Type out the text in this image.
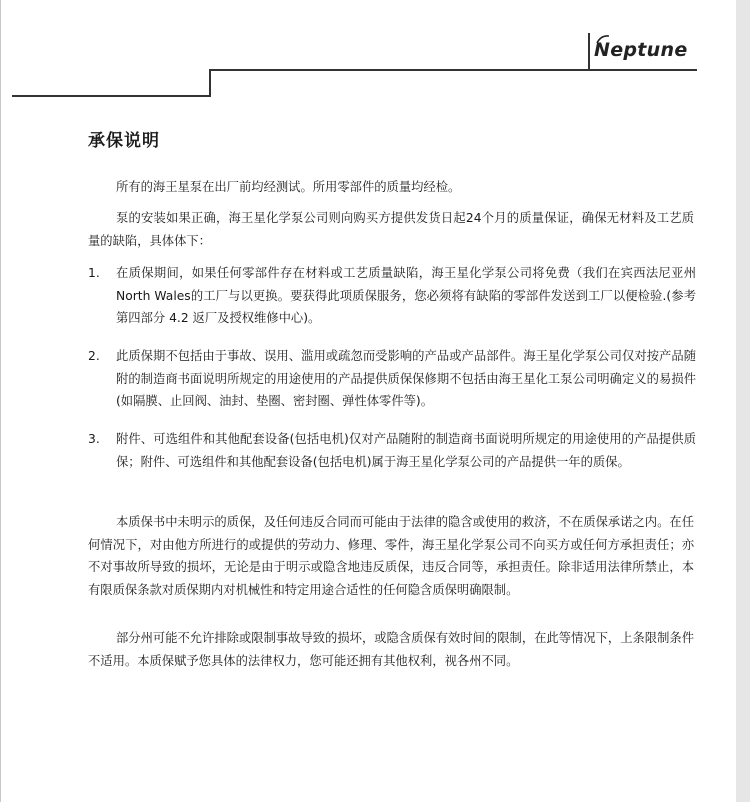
Neptune
承保说明

所有的海王星泵在出厂前均经测试。所用零部件的质量均经检。

泵的安装如果正确，海王星化学泵公司则向购买方提供发货日起24个月的质量保证，确保无材料及工艺质量的缺陷，具体体下：

1.	在质保期间，如果任何零部件存在材料或工艺质量缺陷，海王星化学泵公司将免费（我们在宾西法尼亚州North Wales的工厂与以更换。要获得此项质保服务，您必须将有缺陷的零部件发送到工厂以便检验.(参考第四部分 4.2 返厂及授权维修中心)。
2.	此质保期不包括由于事故、误用、滥用或疏忽而受影响的产品或产品部件。海王星化学泵公司仅对按产品随附的制造商书面说明所规定的用途使用的产品提供质保保修期不包括由海王星化工泵公司明确定义的易损件(如隔膜、止回阀、油封、垫圈、密封圈、弹性体零件等)。
3.	附件、可选组件和其他配套设备(包括电机)仅对产品随附的制造商书面说明所规定的用途使用的产品提供质保；附件、可选组件和其他配套设备(包括电机)属于海王星化学泵公司的产品提供一年的质保。

本质保书中未明示的质保，及任何违反合同而可能由于法律的隐含或使用的救济，不在质保承诺之内。在任何情况下，对由他方所进行的或提供的劳动力、修理、零件，海王星化学泵公司不向买方或任何方承担责任；亦不对事故所导致的损坏，无论是由于明示或隐含地违反质保，违反合同等，承担责任。除非适用法律所禁止，本有限质保条款对质保期内对机械性和特定用途合适性的任何隐含质保明确限制。

部分州可能不允许排除或限制事故导致的损坏，或隐含质保有效时间的限制，在此等情况下，上条限制条件不适用。本质保赋予您具体的法律权力，您可能还拥有其他权利，视各州不同。
